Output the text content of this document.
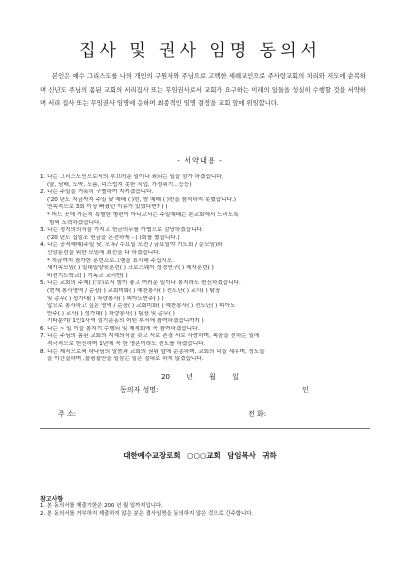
집사 및 권사 임명 동의서
본인은 예수 그리스도를 나의 개인의 구원자와 주님으로 고백한 세례교인으로 주사랑교회의 치리와 지도에 순복하며 신년도 주님의 몸된 교회의 서리집사 또는 무임권사로서 교회가 요구하는 이래의 일들을 성실히 수행할 것을 서약하며 서리 집사 또는 무임권사 임명에 응하며 최종적인 임명 결정을 교회 앞에 위임합니다.
- 서약내용 -
1. 나는 그리스도인으로서의 부끄러운 일이나 죄되는 일을 삼가 하겠습니다.
(술, 담배, 도박, 노름, 덕스럽지 못한 직업, 가정위기...등등)
2. 나는 주일을 거룩히 구별하여 지키겠습니다.
('20 년도 지금까지 주일 낮 예배 ( )번, 밤 예배 ( )번을 참석하지 못했습니다.)
연속적으로 3회 이상 빠졌던 이유가 있었다면? ( )
* 어느 곳에 가든지 특별한 형편이 아니고서는 주일예배는 본교회에서 드리도록
힘써 노력하겠습니다.
3. 나는 정지의의식을 가지고 헌금의무를 가볍으로 감당하겠습니다.
('20 년도 십일조 헌금을 온전하게 - ( )회를 했습니다.)
4. 나는 공적예배(주일 낮, 오후/ 수요일 오전 / 금요일야 기도회 / 순모임)와
신앙훈련을 위한 모임에 최선을 다 하겠습니다.
* 지금까지 참가한 훈련프로그램을 표시해 주십시오.
새가족모임( ) 일대일양육훈련( ) 크로스웨이 성경연구( ) 제자훈련( )
비전기도학교( ) 기독교 교리반( )
5. 나는 교회의 주재(主宰)로서 힘이 좋고 여러운 일이나 봉지라도 헌신하겠습니다.
(현재 봉사영역 / 순장( ) 교회미화( ) 예찬봉사( ) 전도단( ) 교사( ) 탐장
및 총무( ) 성가대( ) 차량봉사( ) 피아노반주( ) )
앞으로 봉사하고 싶은 영역 / 순장( ) 교회미화( ) 예찬봉사( ) 전도단( ) 피아노
반주( ) 교사( ) 성가대( ) 차량봉사( ) 팀장 및 총무( )
기타분야/ 1인1사역 섬기운동의 어떤 부서에 참여하겠습니까?( )
6. 나는 ~ 일 이을 봉지기 수행되 및 제적회에 꼭 참여하겠습니다.
7. 나는 주님의 몸된 교회의 지체의식을 갖고 서로 존경 서로 사랑하며, 복음을 전하는 일에
적극적으로 헌신하며 1년에 꼭 한 영혼이라도 전도를 하겠습니다.
8. 나는 제직으로써 하나님의 말씀과 교회의 권위 앞에 순종하며, 교회의 덕을 세우며, 성도들
을 이간질하며 ,불평불만을 일삼는 일은 절대로 하지 않겠습니다.
20 년 월 일
동의자 성명:	인
주 소:	전 화:
대한예수교장로회 ○○○교회 담임목사 귀하
참고사항
1. 본 동의서를 제출기한은 200 년 월 일까지입니다.
2. 본 동의서를 거부하지 제출하지 않은 분은 결사임명을 동의하지 않은 것으로 간주합니다.
